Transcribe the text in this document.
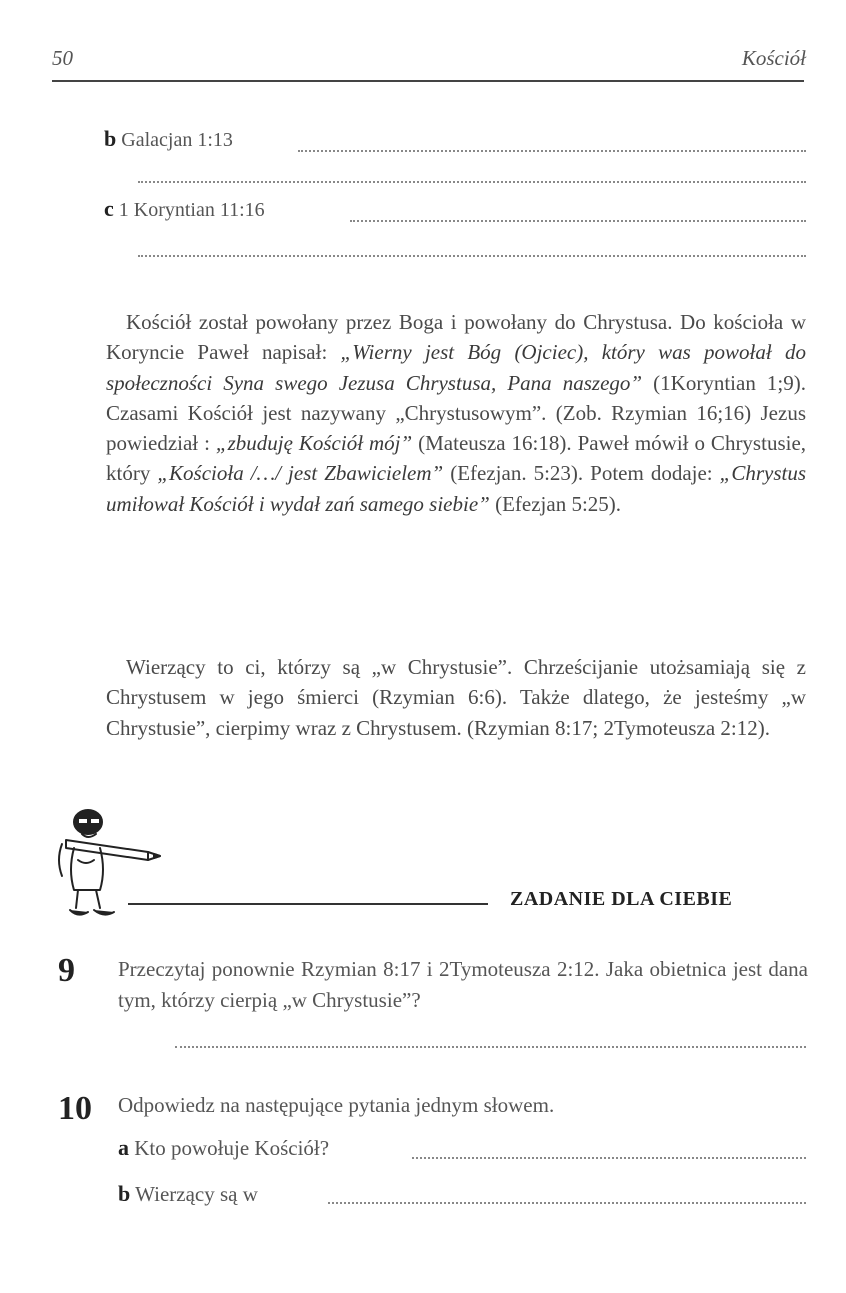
50	Kościół
b Galacjan 1:13
c 1 Koryntian 11:16

Kościół został powołany przez Boga i powołany do Chrystusa. Do kościoła w Koryncie Paweł napisał: „Wierny jest Bóg (Ojciec), który was powołał do społeczności Syna swego Jezusa Chrystusa, Pana naszego” (1Koryntian 1;9). Czasami Kościół jest nazywany „Chrystusowym”. (Zob. Rzymian 16;16) Jezus powiedział : „zbuduję Kościół mój” (Mateusza 16:18). Paweł mówił o Chrystusie, który „Kościoła /…/ jest Zbawicielem” (Efezjan. 5:23). Potem dodaje: „Chrystus umiłował Kościół i wydał zań samego siebie” (Efezjan 5:25).

Wierzący to ci, którzy są „w Chrystusie”. Chrześcijanie utożsamiają się z Chrystusem w jego śmierci (Rzymian 6:6). Także dlatego, że jesteśmy „w Chrystusie”, cierpimy wraz z Chrystusem. (Rzymian 8:17; 2Tymoteusza 2:12).

ZADANIE DLA CIEBIE
9 Przeczytaj ponownie Rzymian 8:17 i 2Tymoteusza 2:12. Jaka obietnica jest dana tym, którzy cierpią „w Chrystusie”?
10 Odpowiedz na następujące pytania jednym słowem.
a Kto powołuje Kościół?
b Wierzący są w
